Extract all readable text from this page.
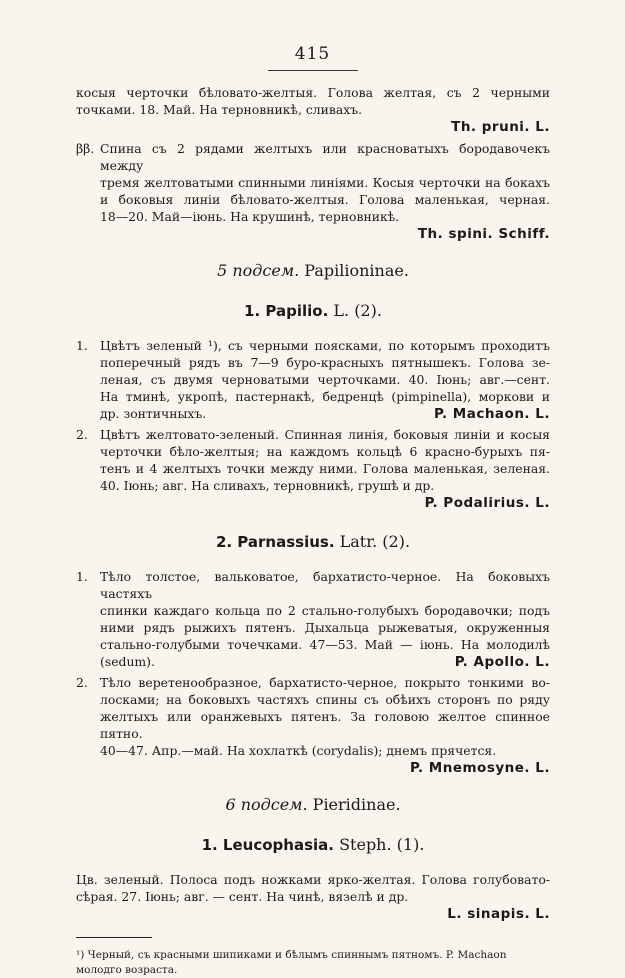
415
косыя черточки бѣловато-желтыя. Голова желтая, съ 2 черными
точками. 18. Май. На терновникѣ, сливахъ.
Th. pruni. L.
ββ. Спина съ 2 рядами желтыхъ или красноватыхъ бородавочекъ между
тремя желтоватыми спинными линіями. Косыя черточки на бокахъ
и боковыя линіи бѣловато-желтыя. Голова маленькая, черная.
18—20. Май—іюнь. На крушинѣ, терновникѣ.
Th. spini. Schiff.
5 подсем. Papilioninae.
1. Papilio. L. (2).
1. Цвѣтъ зеленый ¹), съ черными поясками, по которымъ проходитъ
поперечный рядъ въ 7—9 буро-красныхъ пятнышекъ. Голова зе-
леная, съ двумя черноватыми черточками. 40. Іюнь; авг.—сент.
На тминѣ, укропѣ, пастернакѣ, бедренцѣ (pimpinella), моркови и
др. зонтичныхъ.	P. Machaon. L.
2. Цвѣтъ желтовато-зеленый. Спинная линія, боковыя линіи и косыя
черточки бѣло-желтыя; на каждомъ кольцѣ 6 красно-бурыхъ пя-
тенъ и 4 желтыхъ точки между ними. Голова маленькая, зеленая.
40. Іюнь; авг. На сливахъ, терновникѣ, грушѣ и др.
P. Podalirius. L.
2. Parnassius. Latr. (2).
1. Тѣло толстое, вальковатое, бархатисто-черное. На боковыхъ частяхъ
спинки каждаго кольца по 2 стально-голубыхъ бородавочки; подъ
ними рядъ рыжихъ пятенъ. Дыхальца рыжеватыя, окруженныя
стально-голубыми точечками. 47—53. Май — іюнь. На молодилѣ
(sedum).	P. Apollo. L.
2. Тѣло веретенообразное, бархатисто-черное, покрыто тонкими во-
лосками; на боковыхъ частяхъ спины съ обѣихъ сторонъ по ряду
желтыхъ или оранжевыхъ пятенъ. За головою желтое спинное пятно.
40—47. Апр.—май. На хохлаткѣ (corydalis); днемъ прячется.
P. Mnemosyne. L.
6 подсем. Pieridinae.
1. Leucophasia. Steph. (1).
Цв. зеленый. Полоса подъ ножками ярко-желтая. Голова голубовато-
сѣрая. 27. Іюнь; авг. — сент. На чинѣ, вязелѣ и др.
L. sinapis. L.
¹) Черный, съ красными шипиками и бѣлымъ спиннымъ пятномъ. P. Machaon
молодго возраста.
